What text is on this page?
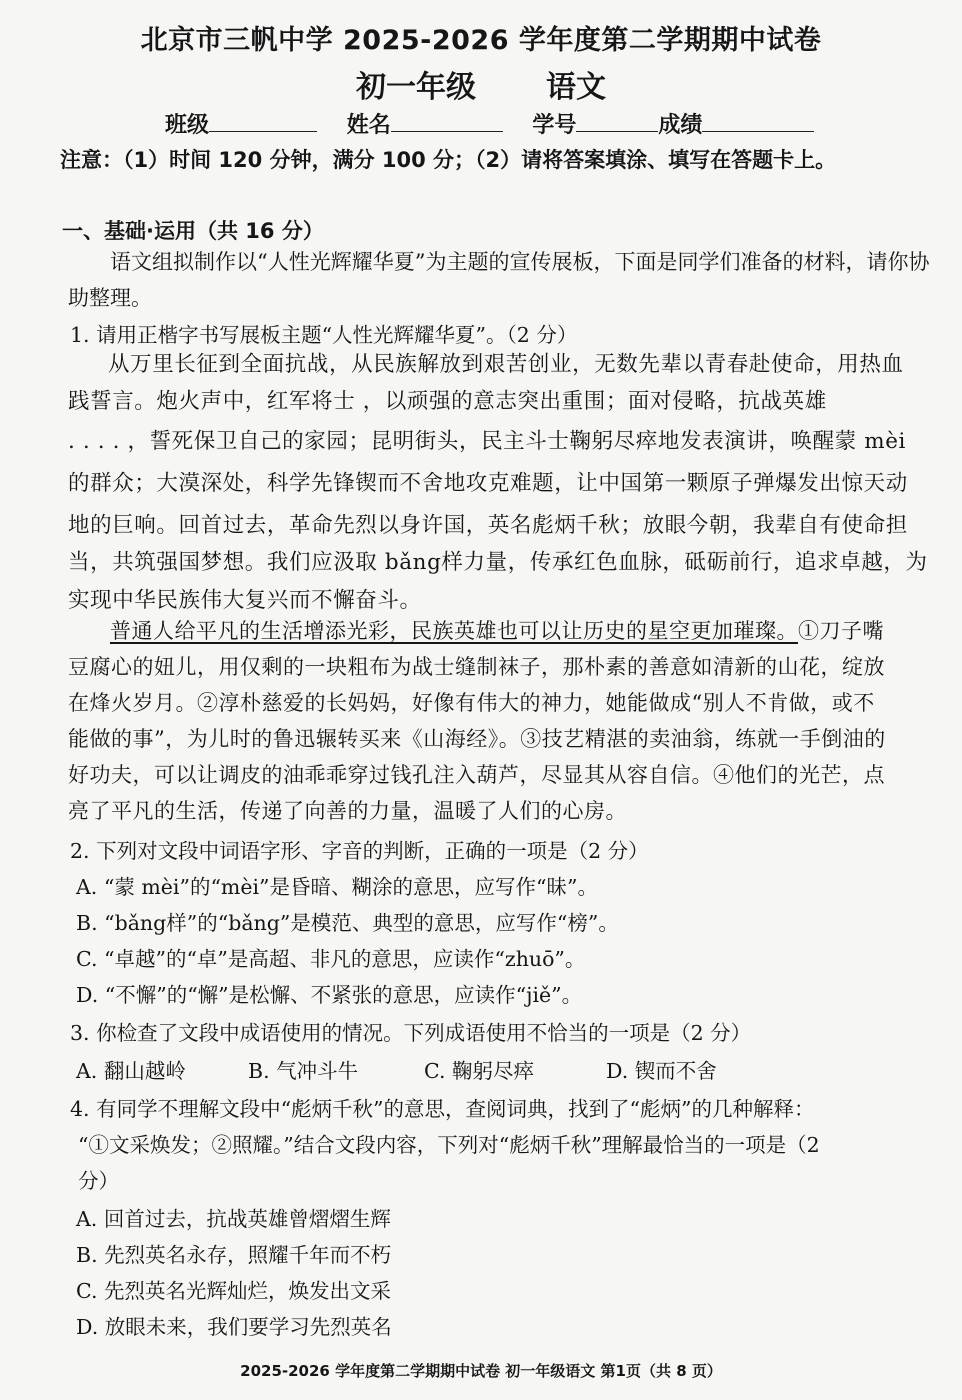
北京市三帆中学 2025-2026 学年度第二学期期中试卷
初一年级 语文
班级	姓名	学号	成绩
注意：（1）时间 120 分钟，满分 100 分；（2）请将答案填涂、填写在答题卡上。
一、基础·运用（共 16 分）
语文组拟制作以“人性光辉耀华夏”为主题的宣传展板，下面是同学们准备的材料，请你协助整理。
1. 请用正楷字书写展板主题“人性光辉耀华夏”。（2 分）
从万里长征到全面抗战，从民族解放到艰苦创业，无数先辈以青春赴使命，用热血
践誓言。炮火声中，红军将士 ，以顽强的意志突出重围；面对侵略，抗战英雄
. . . . ，誓死保卫自己的家园；昆明街头，民主斗士鞠躬尽瘁地发表演讲，唤醒蒙 mèi
的群众；大漠深处，科学先锋锲而不舍地攻克难题，让中国第一颗原子弹爆发出惊天动
地的巨响。回首过去，革命先烈以身许国，英名彪炳千秋；放眼今朝，我辈自有使命担
当，共筑强国梦想。我们应汲取 bǎng样力量，传承红色血脉，砥砺前行，追求卓越，为
实现中华民族伟大复兴而不懈奋斗。
普通人给平凡的生活增添光彩，民族英雄也可以让历史的星空更加璀璨。①刀子嘴
豆腐心的妞儿，用仅剩的一块粗布为战士缝制袜子，那朴素的善意如清新的山花，绽放
在烽火岁月。②淳朴慈爱的长妈妈，好像有伟大的神力，她能做成“别人不肯做，或不
能做的事”，为儿时的鲁迅辗转买来《山海经》。③技艺精湛的卖油翁，练就一手倒油的
好功夫，可以让调皮的油乖乖穿过钱孔注入葫芦，尽显其从容自信。④他们的光芒，点
亮了平凡的生活，传递了向善的力量，温暖了人们的心房。
2. 下列对文段中词语字形、字音的判断，正确的一项是（2 分）
A. “蒙 mèi”的“mèi”是昏暗、糊涂的意思，应写作“昧”。
B. “bǎng样”的“bǎng”是模范、典型的意思，应写作“榜”。
C. “卓越”的“卓”是高超、非凡的意思，应读作“zhuō”。
D. “不懈”的“懈”是松懈、不紧张的意思，应读作“jiě”。
3. 你检查了文段中成语使用的情况。下列成语使用不恰当的一项是（2 分）
A. 翻山越岭	B. 气冲斗牛	C. 鞠躬尽瘁	D. 锲而不舍
4. 有同学不理解文段中“彪炳千秋”的意思，查阅词典，找到了“彪炳”的几种解释：
“①文采焕发；②照耀。”结合文段内容，下列对“彪炳千秋”理解最恰当的一项是（2
分）
A. 回首过去，抗战英雄曾熠熠生辉
B. 先烈英名永存，照耀千年而不朽
C. 先烈英名光辉灿烂，焕发出文采
D. 放眼未来，我们要学习先烈英名
2025-2026 学年度第二学期期中试卷 初一年级语文 第1页（共 8 页）
